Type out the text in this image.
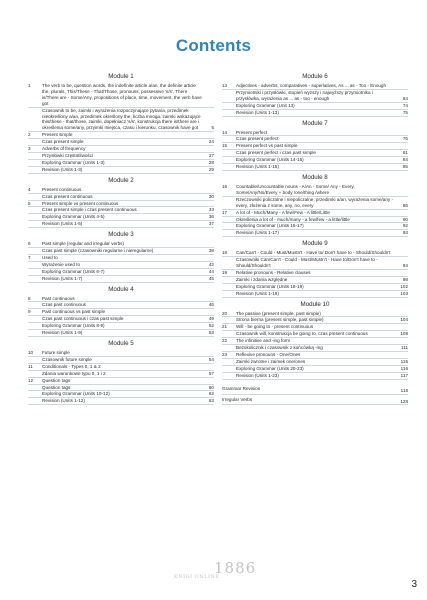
Contents
Module 1
1 The verb to be, question words, the indefinite article a/an, the definite article the, plurals, This/These - That/Those, pronouns, possessive 's/s', There is/There are - Some/Any, propositions of place, time, movement, the verb have got
Czasownik to be, zaimki i wyrażenia rozpoczynające pytania, przedimek nieokreślony a/an, przedimek określony the, liczba mnoga, zaimki wskazujące this/these - that/those, zaimki, dopełniacz 's/s', konstrukcja there is/there are i określenia some/any, przyimki miejsca, czasu i kierunku, czasownik have got	5
2 Present simple
Czas present simple	24
3 Adverbs of frequency
Przysłówki częstotliwości	27
Exploring Grammar (Units 1-3)	28
Revision (Units 1-3)	29
Module 2
4 Present continuous
Czas present continuous	30
5 Present simple vs present continuous
Czas present simple i czas present continuous	33
Exploring Grammar (Units 4-5)	36
Revision (Units 1-5)	37
Module 3
6 Past simple (regular and irregular verbs)
Czas past simple (czasowniki regularne i nieregularne)	38
7 Used to
Wyrażenie used to	42
Exploring Grammar (Units 6-7)	44
Revision (Units 1-7)	45
Module 4
8 Past continuous
Czas past continuous	46
9 Past continuous vs past simple
Czas past continuous i czas past simple	49
Exploring Grammar (Units 8-9)	52
Revision (Units 1-9)	53
Module 5
10 Future simple
Czasownik future simple	54
11 Conditionals - Types 0, 1 & 2
Zdania warunkowe typu 0, 1 i 2	57
12 Question tags
Question tags	60
Exploring Grammar (Units 10-12)	62
Revision (Units 1-12)	63
Module 6
13 Adjectives - adverbs, comparatives - superlatives, As ... as - Too - Enough
Przymiotniki i przysłówki, stopień wyższy i najwyższy przymiotnika i przysłówka, wyrażenia as ... as - too - enough	64
Exploring Grammar (Unit 13)	74
Revision (Units 1-13)	75
Module 7
14 Present perfect
Czas present perfect	76
15 Present perfect vs past simple
Czas present perfect i czas past simple	81
Exploring Grammar (Units 14-15)	84
Revision (Units 1-15)	85
Module 8
16 Countable/Uncountable nouns - A/An - Some/ Any - Every, Some/Any/No/Every + body /one/thing /where
Rzeczowniki policzalne i niepoliczalne, przedimki a/an, wyrażenia some/any - every, złożenia z some, any, no, every	86
17 A lot of - Much/Many - A few/Few - A little/Little
Określenia a lot of - much/many - a few/few - a little/little	90
Exploring Grammar (Units 16-17)	92
Revision (Units 1-17)	93
Module 9
18 Can/Can't - Could - Must/Mustn't - Have to/ Don't have to - Should/Shouldn't
Czasowniki Can/Can't - Could - Must/Mustn't - Have to/Don't have to - Should/Shouldn't	94
19 Relative pronouns - Relative clauses
Zaimki i zdania względne	98
Exploring Grammar (Units 18-19)	102
Revision (Units 1-19)	103
Module 10
20 The passive (present simple, past simple)
Strona bierna (present simple, past simple)	104
21 Will - be going to - present continuous
Czasownik will, konstrukcja be going to, czas present continuous	108
22 The infinitive and -ing form
Bezokolicznik i czasownik z końcówką -ing	111
23 Reflexive pronouns - One/Ones
Zaimki zwrotne i zaimek one/ones	115
Exploring Grammar (Units 20-23)	116
Revision (Units 1-23)	117
Grammar Revision	118
Irregular Verbs	128
KNIGI ONLINE
1886
3
